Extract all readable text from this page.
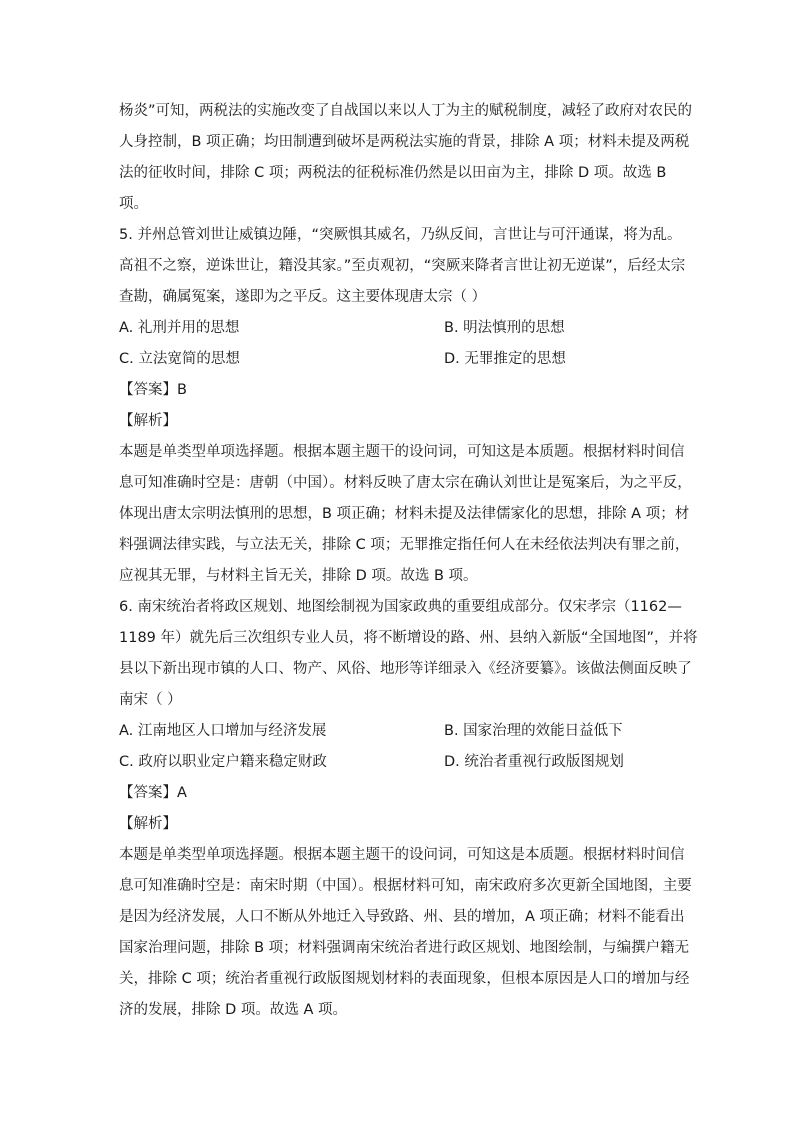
杨炎”可知，两税法的实施改变了自战国以来以人丁为主的赋税制度，减轻了政府对农民的
人身控制，B 项正确；均田制遭到破坏是两税法实施的背景，排除 A 项；材料未提及两税
法的征收时间，排除 C 项；两税法的征税标准仍然是以田亩为主，排除 D 项。故选 B
项。
5. 并州总管刘世让威镇边陲，“突厥惧其威名，乃纵反间，言世让与可汗通谋，将为乱。
高祖不之察，逆诛世让，籍没其家。”至贞观初，“突厥来降者言世让初无逆谋”，后经太宗
查勘，确属冤案，遂即为之平反。这主要体现唐太宗（ ）
A. 礼刑并用的思想	B. 明法慎刑的思想
C. 立法宽简的思想	D. 无罪推定的思想
【答案】B
【解析】
本题是单类型单项选择题。根据本题主题干的设问词，可知这是本质题。根据材料时间信
息可知准确时空是：唐朝（中国）。材料反映了唐太宗在确认刘世让是冤案后，为之平反，
体现出唐太宗明法慎刑的思想，B 项正确；材料未提及法律儒家化的思想，排除 A 项；材
料强调法律实践，与立法无关，排除 C 项；无罪推定指任何人在未经依法判决有罪之前，
应视其无罪，与材料主旨无关，排除 D 项。故选 B 项。
6. 南宋统治者将政区规划、地图绘制视为国家政典的重要组成部分。仅宋孝宗（1162—
1189 年）就先后三次组织专业人员，将不断增设的路、州、县纳入新版“全国地图”，并将
县以下新出现市镇的人口、物产、风俗、地形等详细录入《经济要纂》。该做法侧面反映了
南宋（ ）
A. 江南地区人口增加与经济发展	B. 国家治理的效能日益低下
C. 政府以职业定户籍来稳定财政	D. 统治者重视行政版图规划
【答案】A
【解析】
本题是单类型单项选择题。根据本题主题干的设问词，可知这是本质题。根据材料时间信
息可知准确时空是：南宋时期（中国）。根据材料可知，南宋政府多次更新全国地图，主要
是因为经济发展，人口不断从外地迁入导致路、州、县的增加，A 项正确；材料不能看出
国家治理问题，排除 B 项；材料强调南宋统治者进行政区规划、地图绘制，与编撰户籍无
关，排除 C 项；统治者重视行政版图规划材料的表面现象，但根本原因是人口的增加与经
济的发展，排除 D 项。故选 A 项。
